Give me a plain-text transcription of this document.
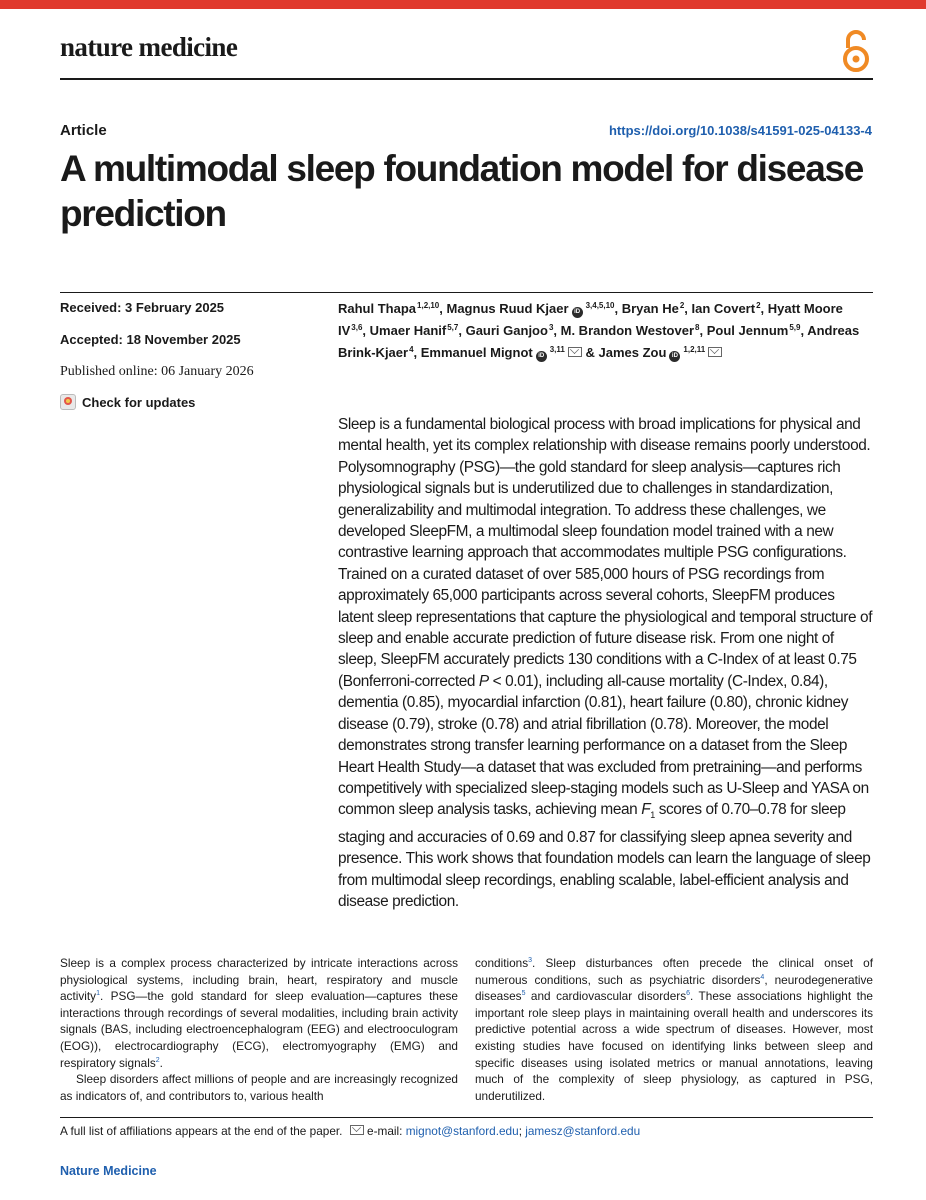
nature medicine
Article	https://doi.org/10.1038/s41591-025-04133-4
A multimodal sleep foundation model for disease prediction
Received: 3 February 2025
Accepted: 18 November 2025
Published online: 06 January 2026
Check for updates
Rahul Thapa$^{1,2,10}$, Magnus Ruud Kjaer iD$^{3,4,5,10}$, Bryan He$^2$, Ian Covert$^2$, Hyatt Moore IV$^{3,6}$, Umaer Hanif$^{5,7}$, Gauri Ganjoo$^3$, M. Brandon Westover$^8$, Poul Jennum$^{5,9}$, Andreas Brink-Kjaer$^4$, Emmanuel Mignot iD$^{3,11}$ & James Zou iD$^{1,2,11}$
Sleep is a fundamental biological process with broad implications for physical and mental health, yet its complex relationship with disease remains poorly understood. Polysomnography (PSG)—the gold standard for sleep analysis—captures rich physiological signals but is underutilized due to challenges in standardization, generalizability and multimodal integration. To address these challenges, we developed SleepFM, a multimodal sleep foundation model trained with a new contrastive learning approach that accommodates multiple PSG configurations. Trained on a curated dataset of over 585,000 hours of PSG recordings from approximately 65,000 participants across several cohorts, SleepFM produces latent sleep representations that capture the physiological and temporal structure of sleep and enable accurate prediction of future disease risk. From one night of sleep, SleepFM accurately predicts 130 conditions with a C-Index of at least 0.75 (Bonferroni-corrected P < 0.01), including all-cause mortality (C-Index, 0.84), dementia (0.85), myocardial infarction (0.81), heart failure (0.80), chronic kidney disease (0.79), stroke (0.78) and atrial fibrillation (0.78). Moreover, the model demonstrates strong transfer learning performance on a dataset from the Sleep Heart Health Study—a dataset that was excluded from pretraining—and performs competitively with specialized sleep-staging models such as U-Sleep and YASA on common sleep analysis tasks, achieving mean $F_1$ scores of 0.70–0.78 for sleep staging and accuracies of 0.69 and 0.87 for classifying sleep apnea severity and presence. This work shows that foundation models can learn the language of sleep from multimodal sleep recordings, enabling scalable, label-efficient analysis and disease prediction.

Sleep is a complex process characterized by intricate interactions across physiological systems, including brain, heart, respiratory and muscle activity$^1$. PSG—the gold standard for sleep evaluation—captures these interactions through recordings of several modalities, including brain activity signals (BAS, including electroencephalogram (EEG) and electrooculogram (EOG)), electrocardiography (ECG), electromyography (EMG) and respiratory signals$^2$.

Sleep disorders affect millions of people and are increasingly recognized as indicators of, and contributors to, various health

conditions$^3$. Sleep disturbances often precede the clinical onset of numerous conditions, such as psychiatric disorders$^4$, neurodegenerative diseases$^5$ and cardiovascular disorders$^6$. These associations highlight the important role sleep plays in maintaining overall health and underscores its predictive potential across a wide spectrum of diseases. However, most existing studies have focused on identifying links between sleep and specific diseases using isolated metrics or manual annotations, leaving much of the complexity of sleep physiology, as captured in PSG, underutilized.

A full list of affiliations appears at the end of the paper. e-mail: mignot@stanford.edu; jamesz@stanford.edu
Nature Medicine
